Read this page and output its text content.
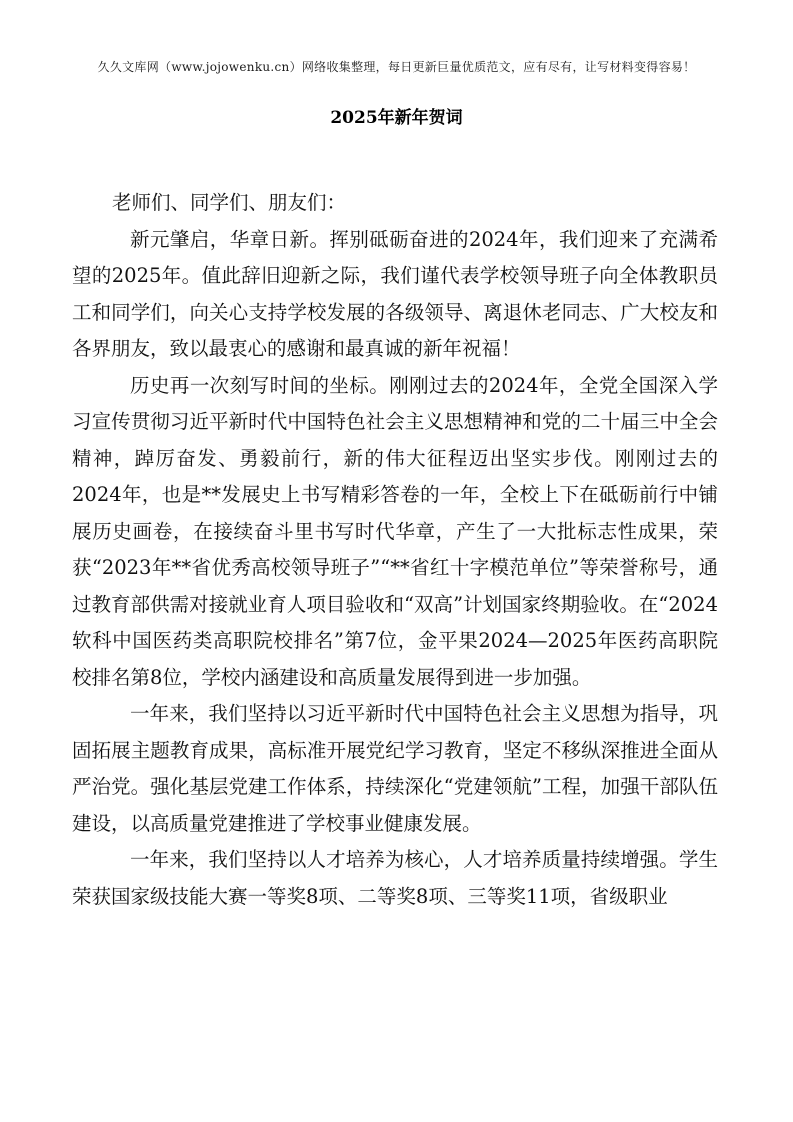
久久文库网（www.jojowenku.cn）网络收集整理，每日更新巨量优质范文，应有尽有，让写材料变得容易！
2025年新年贺词

老师们、同学们、朋友们：

新元肇启，华章日新。挥别砥砺奋进的2024年，我们迎来了充满希望的2025年。值此辞旧迎新之际，我们谨代表学校领导班子向全体教职员工和同学们，向关心支持学校发展的各级领导、离退休老同志、广大校友和各界朋友，致以最衷心的感谢和最真诚的新年祝福！

历史再一次刻写时间的坐标。刚刚过去的2024年，全党全国深入学习宣传贯彻习近平新时代中国特色社会主义思想精神和党的二十届三中全会精神，踔厉奋发、勇毅前行，新的伟大征程迈出坚实步伐。刚刚过去的2024年，也是**发展史上书写精彩答卷的一年，全校上下在砥砺前行中铺展历史画卷，在接续奋斗里书写时代华章，产生了一大批标志性成果，荣获“2023年**省优秀高校领导班子”“**省红十字模范单位”等荣誉称号，通过教育部供需对接就业育人项目验收和“双高”计划国家终期验收。在“2024软科中国医药类高职院校排名”第7位，金平果2024—2025年医药高职院校排名第8位，学校内涵建设和高质量发展得到进一步加强。

一年来，我们坚持以习近平新时代中国特色社会主义思想为指导，巩固拓展主题教育成果，高标准开展党纪学习教育，坚定不移纵深推进全面从严治党。强化基层党建工作体系，持续深化“党建领航”工程，加强干部队伍建设，以高质量党建推进了学校事业健康发展。

一年来，我们坚持以人才培养为核心，人才培养质量持续增强。学生荣获国家级技能大赛一等奖8项、二等奖8项、三等奖11项，省级职业
